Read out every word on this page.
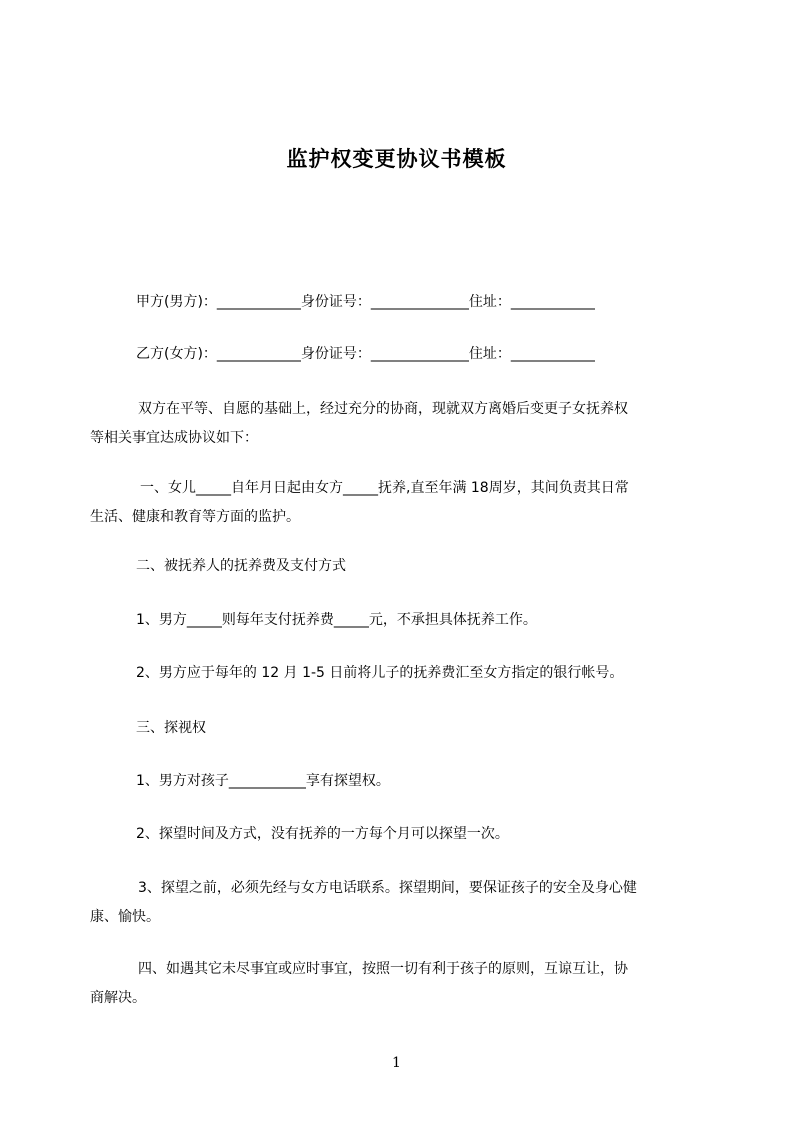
监护权变更协议书模板
甲方(男方)：____________身份证号：______________住址：____________
乙方(女方)：____________身份证号：______________住址：____________
双方在平等、自愿的基础上，经过充分的协商，现就双方离婚后变更子女抚养权
等相关事宜达成协议如下：
一、女儿_____自年月日起由女方_____抚养,直至年满 18周岁，其间负责其日常
生活、健康和教育等方面的监护。
二、被抚养人的抚养费及支付方式
1、男方_____则每年支付抚养费_____元，不承担具体抚养工作。
2、男方应于每年的 12 月 1-5 日前将儿子的抚养费汇至女方指定的银行帐号。
三、探视权
1、男方对孩子___________享有探望权。
2、探望时间及方式，没有抚养的一方每个月可以探望一次。
3、探望之前，必须先经与女方电话联系。探望期间，要保证孩子的安全及身心健
康、愉快。
四、如遇其它未尽事宜或应时事宜，按照一切有利于孩子的原则，互谅互让，协
商解决。
1
